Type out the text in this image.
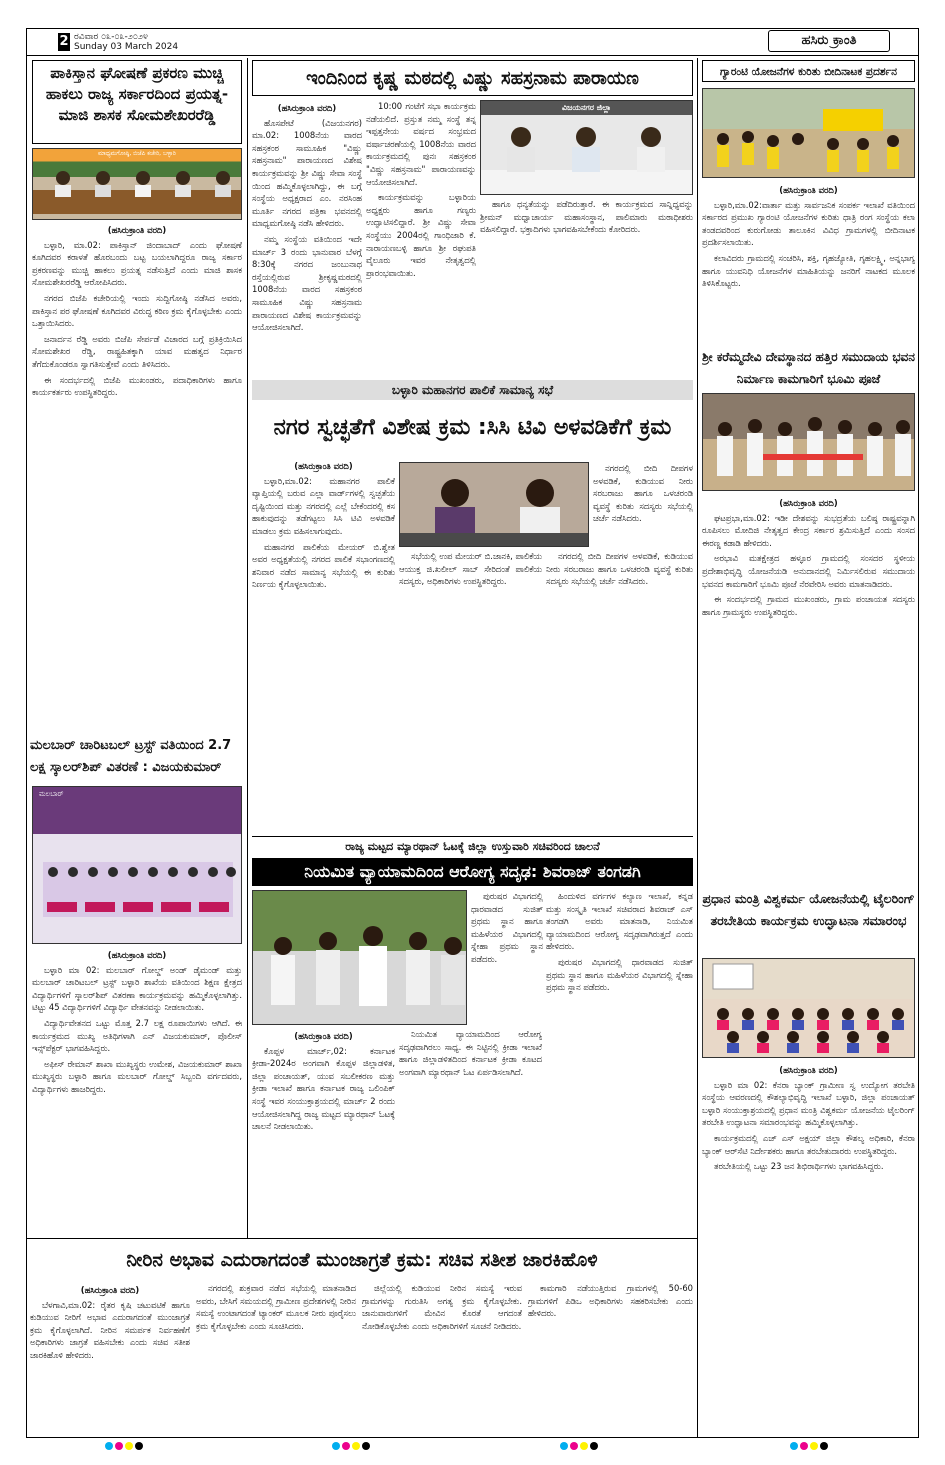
2 ರವಿವಾರ ೦೩-೦೩-೨೦೨೪
Sunday 03 March 2024	ಹಸಿರು ಕ್ರಾಂತಿ
ಪಾಕಿಸ್ತಾನ ಘೋಷಣೆ ಪ್ರಕರಣ ಮುಚ್ಚಿ ಹಾಕಲು ರಾಜ್ಯ ಸರ್ಕಾರದಿಂದ ಪ್ರಯತ್ನ-ಮಾಜಿ ಶಾಸಕ ಸೋಮಶೇಖರರೆಡ್ಡಿ
ಮಾಧ್ಯಮಗೋಷ್ಠಿ, ಬಿಜೆಪಿ ಕಚೇರಿ, ಬಳ್ಳಾರಿ
(ಹಸಿರುಕ್ರಾಂತಿ ವರದಿ)

ಬಳ್ಳಾರಿ, ಮಾ.02: ಪಾಕಿಸ್ತಾನ್ ಜಿಂದಾಬಾದ್ ಎಂದು ಘೋಷಣೆ ಕೂಗಿದವರ ಕರಾಳತೆ ಹೊರಬಂದು ಬಟ್ಟ ಬಯಲಾಗಿದ್ದರೂ ರಾಜ್ಯ ಸರ್ಕಾರ ಪ್ರಕರಣವನ್ನು ಮುಚ್ಚಿ ಹಾಕಲು ಪ್ರಯತ್ನ ನಡೆಸುತ್ತಿದೆ ಎಂದು ಮಾಜಿ ಶಾಸಕ ಸೋಮಶೇಖರರೆಡ್ಡಿ ಆರೋಪಿಸಿದರು.

ನಗರದ ಬಿಜೆಪಿ ಕಚೇರಿಯಲ್ಲಿ ಇಂದು ಸುದ್ದಿಗೋಷ್ಠಿ ನಡೆಸಿದ ಅವರು, ಪಾಕಿಸ್ತಾನ ಪರ ಘೋಷಣೆ ಕೂಗಿದವರ ವಿರುದ್ಧ ಕಠಿಣ ಕ್ರಮ ಕೈಗೊಳ್ಳಬೇಕು ಎಂದು ಒತ್ತಾಯಿಸಿದರು.

ಜನಾರ್ದನ ರೆಡ್ಡಿ ಅವರು ಬಿಜೆಪಿ ಸೇರ್ಪಡೆ ವಿಚಾರದ ಬಗ್ಗೆ ಪ್ರತಿಕ್ರಿಯಿಸಿದ ಸೋಮಶೇಖರ ರೆಡ್ಡಿ, ರಾಷ್ಟ್ರಹಿತಕ್ಕಾಗಿ ಯಾವ ಮಹತ್ವದ ನಿರ್ಧಾರ ತೆಗೆದುಕೊಂಡರೂ ಸ್ವಾಗತಿಸುತ್ತೇವೆ ಎಂದು ತಿಳಿಸಿದರು.

ಈ ಸಂದರ್ಭದಲ್ಲಿ ಬಿಜೆಪಿ ಮುಖಂಡರು, ಪದಾಧಿಕಾರಿಗಳು ಹಾಗೂ ಕಾರ್ಯಕರ್ತರು ಉಪಸ್ಥಿತರಿದ್ದರು.

ಮಲಬಾರ್ ಚಾರಿಟಬಲ್ ಟ್ರಸ್ಟ್ ವತಿಯಿಂದ 2.7 ಲಕ್ಷ ಸ್ಕಾಲರ್‌ಶಿಪ್ ವಿತರಣೆ : ವಿಜಯಕುಮಾರ್
ಮಲಬಾರ್
(ಹಸಿರುಕ್ರಾಂತಿ ವರದಿ)

ಬಳ್ಳಾರಿ ಮಾ 02: ಮಲಬಾರ್ ಗೋಲ್ಡ್ ಅಂಡ್ ಡೈಮಂಡ್ ಮತ್ತು ಮಲಬಾರ್ ಚಾರಿಟಬಲ್ ಟ್ರಸ್ಟ್ ಬಳ್ಳಾರಿ ಶಾಖೆಯ ವತಿಯಿಂದ ಶಿಕ್ಷಣ ಕ್ಷೇತ್ರದ ವಿದ್ಯಾರ್ಥಿಗಳಿಗೆ ಸ್ಕಾಲರ್‌ಶಿಪ್ ವಿತರಣಾ ಕಾರ್ಯಕ್ರಮವನ್ನು ಹಮ್ಮಿಕೊಳ್ಳಲಾಗಿತ್ತು. ಟಿಟ್ಟು 45 ವಿದ್ಯಾರ್ಥಿಗಳಿಗೆ ವಿದ್ಯಾರ್ಥಿ ವೇತನವನ್ನು ನೀಡಲಾಯಿತು.

ವಿದ್ಯಾರ್ಥಿವೇತನದ ಒಟ್ಟು ಮೊತ್ತ 2.7 ಲಕ್ಷ ರೂಪಾಯಿಗಳು ಆಗಿದೆ. ಈ ಕಾರ್ಯಕ್ರಮದ ಮುಖ್ಯ ಅತಿಥಿಗಳಾಗಿ ಎನ್ ವಿಜಯಕುಮಾರ್, ಪೊಲೀಸ್ ಇನ್ಸ್‌ಪೆಕ್ಟರ್ ಭಾಗವಹಿಸಿದ್ದರು.

ಅಫೀಸ್ ರೇಮಾನ್ ಶಾಖಾ ಮುಖ್ಯಸ್ಥರು ಉಮೇಶ, ವಿಜಯಕುಮಾರ್ ಶಾಖಾ ಮುಖ್ಯಸ್ಥರು ಬಳ್ಳಾರಿ ಹಾಗೂ ಮಲಬಾರ್ ಗೋಲ್ಡ್ ಸಿಬ್ಬಂದಿ ವರ್ಗದವರು, ವಿದ್ಯಾರ್ಥಿಗಳು ಹಾಜರಿದ್ದರು.

ಇಂದಿನಿಂದ ಕೃಷ್ಣ ಮಠದಲ್ಲಿ ವಿಷ್ಣು ಸಹಸ್ರನಾಮ ಪಾರಾಯಣ
(ಹಸಿರುಕ್ರಾಂತಿ ವರದಿ)

ಹೊಸಪೇಟೆ (ವಿಜಯನಗರ) ಮಾ.02: 1008ನೆಯ ವಾರದ ಸಹಸ್ರಕಂಠ ಸಾಮೂಹಿಕ "ವಿಷ್ಣು ಸಹಸ್ರನಾಮ" ಪಾರಾಯಣದ ವಿಶೇಷ ಕಾರ್ಯಕ್ರಮವನ್ನು ಶ್ರೀ ವಿಷ್ಣು ಸೇವಾ ಸಂಸ್ಥೆ ಯಿಂದ ಹಮ್ಮಿಕೊಳ್ಳಲಾಗಿದ್ದು, ಈ ಬಗ್ಗೆ ಸಂಸ್ಥೆಯ ಅಧ್ಯಕ್ಷರಾದ ಎಂ. ನರಸಿಂಹ ಮೂರ್ತಿ ನಗರದ ಪತ್ರಿಕಾ ಭವನದಲ್ಲಿ ಮಾಧ್ಯಮಗೋಷ್ಠಿ ನಡೆಸಿ ಹೇಳಿದರು.

ನಮ್ಮ ಸಂಸ್ಥೆಯ ವತಿಯಿಂದ ಇದೇ ಮಾರ್ಚ್ 3 ರಂದು ಭಾನುವಾರ ಬೆಳಗ್ಗೆ 8:30ಕ್ಕೆ ನಗರದ ಜಂಬುನಾಥ ರಸ್ತೆಯಲ್ಲಿರುವ ಶ್ರೀಕೃಷ್ಣಮಠದಲ್ಲಿ 1008ನೆಯ ವಾರದ ಸಹಸ್ರಕಂಠ ಸಾಮೂಹಿಕ ವಿಷ್ಣು ಸಹಸ್ರನಾಮ ಪಾರಾಯಣದ ವಿಶೇಷ ಕಾರ್ಯಕ್ರಮವನ್ನು ಆಯೋಜಿಸಲಾಗಿದೆ.

10:00 ಗಂಟೆಗೆ ಸಭಾ ಕಾರ್ಯಕ್ರಮ ನಡೆಯಲಿದೆ. ಪ್ರಸ್ತುತ ನಮ್ಮ ಸಂಸ್ಥೆ ತನ್ನ ಇಪ್ಪತ್ತನೇಯ ವರ್ಷದ ಸಂಭ್ರಮದ ವರ್ಷಾಚರಣೆಯಲ್ಲಿ 1008ನೆಯ ವಾರದ ಕಾರ್ಯಕ್ರಮದಲ್ಲಿ ಪುನಃ ಸಹಸ್ರಕಂಠ "ವಿಷ್ಣು ಸಹಸ್ರನಾಮ" ಪಾರಾಯಣವನ್ನು ಆಯೋಜಿಸಲಾಗಿದೆ.

ಕಾರ್ಯಕ್ರಮವನ್ನು ಬಳ್ಳಾರಿಯ ಅಧ್ಯಕ್ಷರು ಹಾಗೂ ಗಣ್ಯರು ಉದ್ಘಾಟಿಸಲಿದ್ದಾರೆ. ಶ್ರೀ ವಿಷ್ಣು ಸೇವಾ ಸಂಸ್ಥೆಯು 2004ರಲ್ಲಿ ಗಾಂಧಿಜಾರಿ ಕೆ. ನಾರಾಯಣಬಳ್ಳಿ ಹಾಗೂ ಶ್ರೀ ರಘುಪತಿ ವೈಲೂರು ಇವರ ನೇತೃತ್ವದಲ್ಲಿ ಪ್ರಾರಂಭವಾಯಿತು.

ವಿಜಯನಗರ ಜಿಲ್ಲಾ

ಹಾಗೂ ಧನ್ಯತೆಯನ್ನು ಪಡೆದಿರುತ್ತಾರೆ. ಈ ಕಾರ್ಯಕ್ರಮದ ಸಾನ್ನಿಧ್ಯವನ್ನು ಶ್ರೀಮನ್ ಮಧ್ವಾಚಾರ್ಯ ಮಹಾಸಂಸ್ಥಾನ, ಪಾಲಿಮಾರು ಮಠಾಧೀಶರು ವಹಿಸಲಿದ್ದಾರೆ. ಭಕ್ತಾದಿಗಳು ಭಾಗವಹಿಸಬೇಕೆಂದು ಕೋರಿದರು.

ಬಳ್ಳಾರಿ ಮಹಾನಗರ ಪಾಲಿಕೆ ಸಾಮಾನ್ಯ ಸಭೆ
ನಗರ ಸ್ವಚ್ಛತೆಗೆ ವಿಶೇಷ ಕ್ರಮ :ಸಿಸಿ ಟಿವಿ ಅಳವಡಿಕೆಗೆ ಕ್ರಮ
(ಹಸಿರುಕ್ರಾಂತಿ ವರದಿ)

ಬಳ್ಳಾರಿ,ಮಾ.02: ಮಹಾನಗರ ಪಾಲಿಕೆ ವ್ಯಾಪ್ತಿಯಲ್ಲಿ ಬರುವ ಎಲ್ಲಾ ವಾರ್ಡ್‌ಗಳಲ್ಲಿ ಸ್ವಚ್ಛತೆಯ ದೃಷ್ಟಿಯಿಂದ ಮತ್ತು ನಗರದಲ್ಲಿ ಎಲ್ಲೆ ಬೇಕೆಂದರಲ್ಲಿ ಕಸ ಹಾಕುವುದನ್ನು ತಡೆಗಟ್ಟಲು ಸಿಸಿ ಟಿವಿ ಅಳವಡಿಕೆ ಮಾಡಲು ಕ್ರಮ ವಹಿಸಲಾಗುವುದು.

ಮಹಾನಗರ ಪಾಲಿಕೆಯ ಮೇಯರ್ ಬಿ.ಶ್ವೇತ ಅವರ ಅಧ್ಯಕ್ಷತೆಯಲ್ಲಿ ನಗರದ ಪಾಲಿಕೆ ಸಭಾಂಗಣದಲ್ಲಿ ಶನಿವಾರ ನಡೆದ ಸಾಮಾನ್ಯ ಸಭೆಯಲ್ಲಿ ಈ ಕುರಿತು ನಿರ್ಣಯ ಕೈಗೊಳ್ಳಲಾಯಿತು.

ನಗರದಲ್ಲಿ ಬೀದಿ ದೀಪಗಳ ಅಳವಡಿಕೆ, ಕುಡಿಯುವ ನೀರು ಸರಬರಾಜು ಹಾಗೂ ಒಳಚರಂಡಿ ವ್ಯವಸ್ಥೆ ಕುರಿತು ಸದಸ್ಯರು ಸಭೆಯಲ್ಲಿ ಚರ್ಚೆ ನಡೆಸಿದರು.

ಸಭೆಯಲ್ಲಿ ಉಪ ಮೇಯರ್ ಬಿ.ಜಾನಕಿ, ಪಾಲಿಕೆಯ ಆಯುಕ್ತ ಜಿ.ಖಲೀಲ್ ಸಾಬ್ ಸೇರಿದಂತೆ ಪಾಲಿಕೆಯ ಸದಸ್ಯರು, ಅಧಿಕಾರಿಗಳು ಉಪಸ್ಥಿತರಿದ್ದರು.

ನಗರದಲ್ಲಿ ಬೀದಿ ದೀಪಗಳ ಅಳವಡಿಕೆ, ಕುಡಿಯುವ ನೀರು ಸರಬರಾಜು ಹಾಗೂ ಒಳಚರಂಡಿ ವ್ಯವಸ್ಥೆ ಕುರಿತು ಸದಸ್ಯರು ಸಭೆಯಲ್ಲಿ ಚರ್ಚೆ ನಡೆಸಿದರು.

ರಾಜ್ಯ ಮಟ್ಟದ ಮ್ಯಾರಥಾನ್ ಓಟಕ್ಕೆ ಜಿಲ್ಲಾ ಉಸ್ತುವಾರಿ ಸಚಿವರಿಂದ ಚಾಲನೆ
ನಿಯಮಿತ ವ್ಯಾಯಾಮದಿಂದ ಆರೋಗ್ಯ ಸದೃಢ: ಶಿವರಾಜ್ ತಂಗಡಗಿ

ಪುರುಷರ ವಿಭಾಗದಲ್ಲಿ ಧಾರವಾಡದ ಸುಜಿತ್ ಪ್ರಥಮ ಸ್ಥಾನ ಹಾಗೂ ಮಹಿಳೆಯರ ವಿಭಾಗದಲ್ಲಿ ಸ್ನೇಹಾ ಪ್ರಥಮ ಸ್ಥಾನ ಪಡೆದರು.

(ಹಸಿರುಕ್ರಾಂತಿ ವರದಿ)

ಕೊಪ್ಪಳ ಮಾರ್ಚ್,02: ಕರ್ನಾಟಕ ಕ್ರೀಡಾ-2024ರ ಅಂಗವಾಗಿ ಕೊಪ್ಪಳ ಜಿಲ್ಲಾಡಳಿತ, ಜಿಲ್ಲಾ ಪಂಚಾಯತ್, ಯುವ ಸಬಲೀಕರಣ ಮತ್ತು ಕ್ರೀಡಾ ಇಲಾಖೆ ಹಾಗೂ ಕರ್ನಾಟಕ ರಾಜ್ಯ ಒಲಿಂಪಿಕ್ ಸಂಸ್ಥೆ ಇವರ ಸಂಯುಕ್ತಾಶ್ರಯದಲ್ಲಿ ಮಾರ್ಚ್ 2 ರಂದು ಆಯೋಜಿಸಲಾಗಿದ್ದ ರಾಜ್ಯ ಮಟ್ಟದ ಮ್ಯಾರಥಾನ್ ಓಟಕ್ಕೆ ಚಾಲನೆ ನೀಡಲಾಯಿತು.

ನಿಯಮಿತ ವ್ಯಾಯಾಮದಿಂದ ಆರೋಗ್ಯ ಸದೃಢವಾಗಿರಲು ಸಾಧ್ಯ. ಈ ನಿಟ್ಟಿನಲ್ಲಿ ಕ್ರೀಡಾ ಇಲಾಖೆ ಹಾಗೂ ಜಿಲ್ಲಾಡಳಿತದಿಂದ ಕರ್ನಾಟಕ ಕ್ರೀಡಾ ಕೂಟದ ಅಂಗವಾಗಿ ಮ್ಯಾರಥಾನ್ ಓಟ ಏರ್ಪಡಿಸಲಾಗಿದೆ.

ಹಿಂದುಳಿದ ವರ್ಗಗಳ ಕಲ್ಯಾಣ ಇಲಾಖೆ, ಕನ್ನಡ ಮತ್ತು ಸಂಸ್ಕೃತಿ ಇಲಾಖೆ ಸಚಿವರಾದ ಶಿವರಾಜ್ ಎಸ್ ತಂಗಡಗಿ ಅವರು ಮಾತನಾಡಿ, ನಿಯಮಿತ ವ್ಯಾಯಾಮದಿಂದ ಆರೋಗ್ಯ ಸದೃಢವಾಗಿರುತ್ತದೆ ಎಂದು ಹೇಳಿದರು.

ಪುರುಷರ ವಿಭಾಗದಲ್ಲಿ ಧಾರವಾಡದ ಸುಜಿತ್ ಪ್ರಥಮ ಸ್ಥಾನ ಹಾಗೂ ಮಹಿಳೆಯರ ವಿಭಾಗದಲ್ಲಿ ಸ್ನೇಹಾ ಪ್ರಥಮ ಸ್ಥಾನ ಪಡೆದರು.

ನೀರಿನ ಅಭಾವ ಎದುರಾಗದಂತೆ ಮುಂಜಾಗ್ರತೆ ಕ್ರಮ: ಸಚಿವ ಸತೀಶ ಜಾರಕಿಹೊಳಿ
(ಹಸಿರುಕ್ರಾಂತಿ ವರದಿ)

ಬೆಳಗಾವಿ,ಮಾ.02: ರೈತರ ಕೃಷಿ ಚಟುವಟಿಕೆ ಹಾಗೂ ಕುಡಿಯುವ ನೀರಿಗೆ ಅಭಾವ ಎದುರಾಗದಂತೆ ಮುಂಜಾಗ್ರತೆ ಕ್ರಮ ಕೈಗೊಳ್ಳಲಾಗಿದೆ. ನೀರಿನ ಸಮರ್ಪಕ ನಿರ್ವಹಣೆಗೆ ಅಧಿಕಾರಿಗಳು ಜಾಗ್ರತೆ ವಹಿಸಬೇಕು ಎಂದು ಸಚಿವ ಸತೀಶ ಜಾರಕಿಹೊಳಿ ಹೇಳಿದರು.

ನಗರದಲ್ಲಿ ಶುಕ್ರವಾರ ನಡೆದ ಸಭೆಯಲ್ಲಿ ಮಾತನಾಡಿದ ಅವರು, ಬೇಸಿಗೆ ಸಮಯದಲ್ಲಿ ಗ್ರಾಮೀಣ ಪ್ರದೇಶಗಳಲ್ಲಿ ನೀರಿನ ಸಮಸ್ಯೆ ಉಂಟಾಗದಂತೆ ಟ್ಯಾಂಕರ್ ಮೂಲಕ ನೀರು ಪೂರೈಸಲು ಕ್ರಮ ಕೈಗೊಳ್ಳಬೇಕು ಎಂದು ಸೂಚಿಸಿದರು.

ಜಿಲ್ಲೆಯಲ್ಲಿ ಕುಡಿಯುವ ನೀರಿನ ಸಮಸ್ಯೆ ಇರುವ ಗ್ರಾಮಗಳನ್ನು ಗುರುತಿಸಿ ಅಗತ್ಯ ಕ್ರಮ ಕೈಗೊಳ್ಳಬೇಕು. ಜಾನುವಾರುಗಳಿಗೆ ಮೇವಿನ ಕೊರತೆ ಆಗದಂತೆ ನೋಡಿಕೊಳ್ಳಬೇಕು ಎಂದು ಅಧಿಕಾರಿಗಳಿಗೆ ಸೂಚನೆ ನೀಡಿದರು.

ಕಾಮಗಾರಿ ನಡೆಯುತ್ತಿರುವ ಗ್ರಾಮಗಳಲ್ಲಿ 50-60 ಗ್ರಾಮಗಳಿಗೆ ಪಿಡಿಒ ಅಧಿಕಾರಿಗಳು ಸಹಕರಿಸಬೇಕು ಎಂದು ಹೇಳಿದರು.

ಗ್ಯಾರಂಟಿ ಯೋಜನೆಗಳ ಕುರಿತು ಬೀದಿನಾಟಕ ಪ್ರದರ್ಶನ
(ಹಸಿರುಕ್ರಾಂತಿ ವರದಿ)

ಬಳ್ಳಾರಿ,ಮಾ.02:ವಾರ್ತಾ ಮತ್ತು ಸಾರ್ವಜನಿಕ ಸಂಪರ್ಕ ಇಲಾಖೆ ವತಿಯಿಂದ ಸರ್ಕಾರದ ಪ್ರಮುಖ ಗ್ಯಾರಂಟಿ ಯೋಜನೆಗಳ ಕುರಿತು ಧಾತ್ರಿ ರಂಗ ಸಂಸ್ಥೆಯ ಕಲಾ ತಂಡದವರಿಂದ ಕುರುಗೋಡು ತಾಲೂಕಿನ ವಿವಿಧ ಗ್ರಾಮಗಳಲ್ಲಿ ಬೀದಿನಾಟಕ ಪ್ರದರ್ಶಿಸಲಾಯಿತು.

ಕಲಾವಿದರು ಗ್ರಾಮದಲ್ಲಿ ಸಂಚರಿಸಿ, ಶಕ್ತಿ, ಗೃಹಜ್ಯೋತಿ, ಗೃಹಲಕ್ಷ್ಮಿ, ಅನ್ನಭಾಗ್ಯ ಹಾಗೂ ಯುವನಿಧಿ ಯೋಜನೆಗಳ ಮಾಹಿತಿಯನ್ನು ಜನರಿಗೆ ನಾಟಕದ ಮೂಲಕ ತಿಳಿಸಿಕೊಟ್ಟರು.

ಶ್ರೀ ಕರೆಮ್ಮದೇವಿ ದೇವಸ್ಥಾನದ ಹತ್ತಿರ ಸಮುದಾಯ ಭವನ ನಿರ್ಮಾಣ ಕಾಮಗಾರಿಗೆ ಭೂಮಿ ಪೂಜೆ
(ಹಸಿರುಕ್ರಾಂತಿ ವರದಿ)

ಘಟಪ್ರಭಾ,ಮಾ.02: ಇಡೀ ದೇಶವನ್ನು ಸುಭದ್ರತೆಯ ಬಲಿಷ್ಠ ರಾಷ್ಟ್ರವನ್ನಾಗಿ ರೂಪಿಸಲು ಮೋದಿಜಿ ನೇತೃತ್ವದ ಕೇಂದ್ರ ಸರ್ಕಾರ ಶ್ರಮಿಸುತ್ತಿದೆ ಎಂದು ಸಂಸದ ಈರಣ್ಣ ಕಡಾಡಿ ಹೇಳಿದರು.

ಅರಭಾವಿ ಮತಕ್ಷೇತ್ರದ ಹಳ್ಳೂರ ಗ್ರಾಮದಲ್ಲಿ ಸಂಸದರ ಸ್ಥಳೀಯ ಪ್ರದೇಶಾಭಿವೃದ್ಧಿ ಯೋಜನೆಯಡಿ ಅನುದಾನದಲ್ಲಿ ನಿರ್ಮಿಸಲಿರುವ ಸಮುದಾಯ ಭವನದ ಕಾಮಗಾರಿಗೆ ಭೂಮಿ ಪೂಜೆ ನೆರವೇರಿಸಿ ಅವರು ಮಾತನಾಡಿದರು.

ಈ ಸಂದರ್ಭದಲ್ಲಿ ಗ್ರಾಮದ ಮುಖಂಡರು, ಗ್ರಾಮ ಪಂಚಾಯತ ಸದಸ್ಯರು ಹಾಗೂ ಗ್ರಾಮಸ್ಥರು ಉಪಸ್ಥಿತರಿದ್ದರು.

ಪ್ರಧಾನ ಮಂತ್ರಿ ವಿಶ್ವಕರ್ಮ ಯೋಜನೆಯಲ್ಲಿ ಟೈಲರಿಂಗ್ ತರಬೇತಿಯ ಕಾರ್ಯಕ್ರಮ ಉದ್ಘಾಟನಾ ಸಮಾರಂಭ
(ಹಸಿರುಕ್ರಾಂತಿ ವರದಿ)

ಬಳ್ಳಾರಿ ಮಾ 02: ಕೆನರಾ ಬ್ಯಾಂಕ್ ಗ್ರಾಮೀಣ ಸ್ವ ಉದ್ಯೋಗ ತರಬೇತಿ ಸಂಸ್ಥೆಯ ಆವರಣದಲ್ಲಿ ಕೌಶಲ್ಯಾಭಿವೃದ್ಧಿ ಇಲಾಖೆ ಬಳ್ಳಾರಿ, ಜಿಲ್ಲಾ ಪಂಚಾಯತ್ ಬಳ್ಳಾರಿ ಸಂಯುಕ್ತಾಶ್ರಯದಲ್ಲಿ ಪ್ರಧಾನ ಮಂತ್ರಿ ವಿಶ್ವಕರ್ಮ ಯೋಜನೆಯ ಟೈಲರಿಂಗ್ ತರಬೇತಿ ಉದ್ಘಾಟನಾ ಸಮಾರಂಭವನ್ನು ಹಮ್ಮಿಕೊಳ್ಳಲಾಗಿತ್ತು.

ಕಾರ್ಯಕ್ರಮದಲ್ಲಿ ಎಚ್ ಎಸ್ ಅಕ್ಷಯ್ ಜಿಲ್ಲಾ ಕೌಶಲ್ಯ ಅಧಿಕಾರಿ, ಕೆನರಾ ಬ್ಯಾಂಕ್ ಆರ್‌ಸೆಟಿ ನಿರ್ದೇಶಕರು ಹಾಗೂ ತರಬೇತುದಾರರು ಉಪಸ್ಥಿತರಿದ್ದರು.

ತರಬೇತಿಯಲ್ಲಿ ಒಟ್ಟು 23 ಜನ ಶಿಭಿರಾರ್ಥಿಗಳು ಭಾಗವಹಿಸಿದ್ದರು.
